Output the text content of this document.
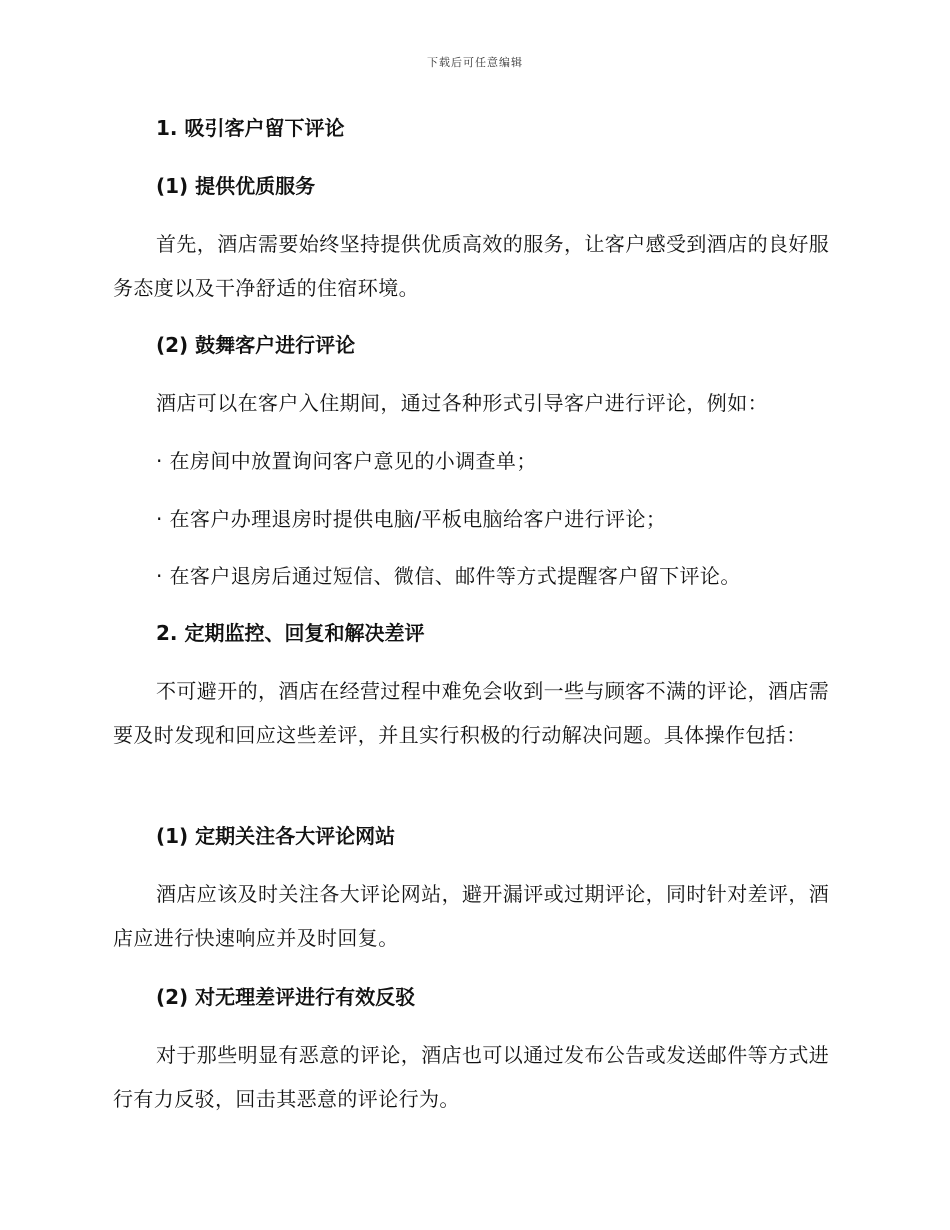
下载后可任意编辑
1. 吸引客户留下评论
(1) 提供优质服务
首先，酒店需要始终坚持提供优质高效的服务，让客户感受到酒店的良好服务态度以及干净舒适的住宿环境。
(2) 鼓舞客户进行评论
酒店可以在客户入住期间，通过各种形式引导客户进行评论，例如：
· 在房间中放置询问客户意见的小调查单；
· 在客户办理退房时提供电脑/平板电脑给客户进行评论；
· 在客户退房后通过短信、微信、邮件等方式提醒客户留下评论。
2. 定期监控、回复和解决差评
不可避开的，酒店在经营过程中难免会收到一些与顾客不满的评论，酒店需要及时发现和回应这些差评，并且实行积极的行动解决问题。具体操作包括：
(1) 定期关注各大评论网站
酒店应该及时关注各大评论网站，避开漏评或过期评论，同时针对差评，酒店应进行快速响应并及时回复。
(2) 对无理差评进行有效反驳
对于那些明显有恶意的评论，酒店也可以通过发布公告或发送邮件等方式进行有力反驳，回击其恶意的评论行为。
